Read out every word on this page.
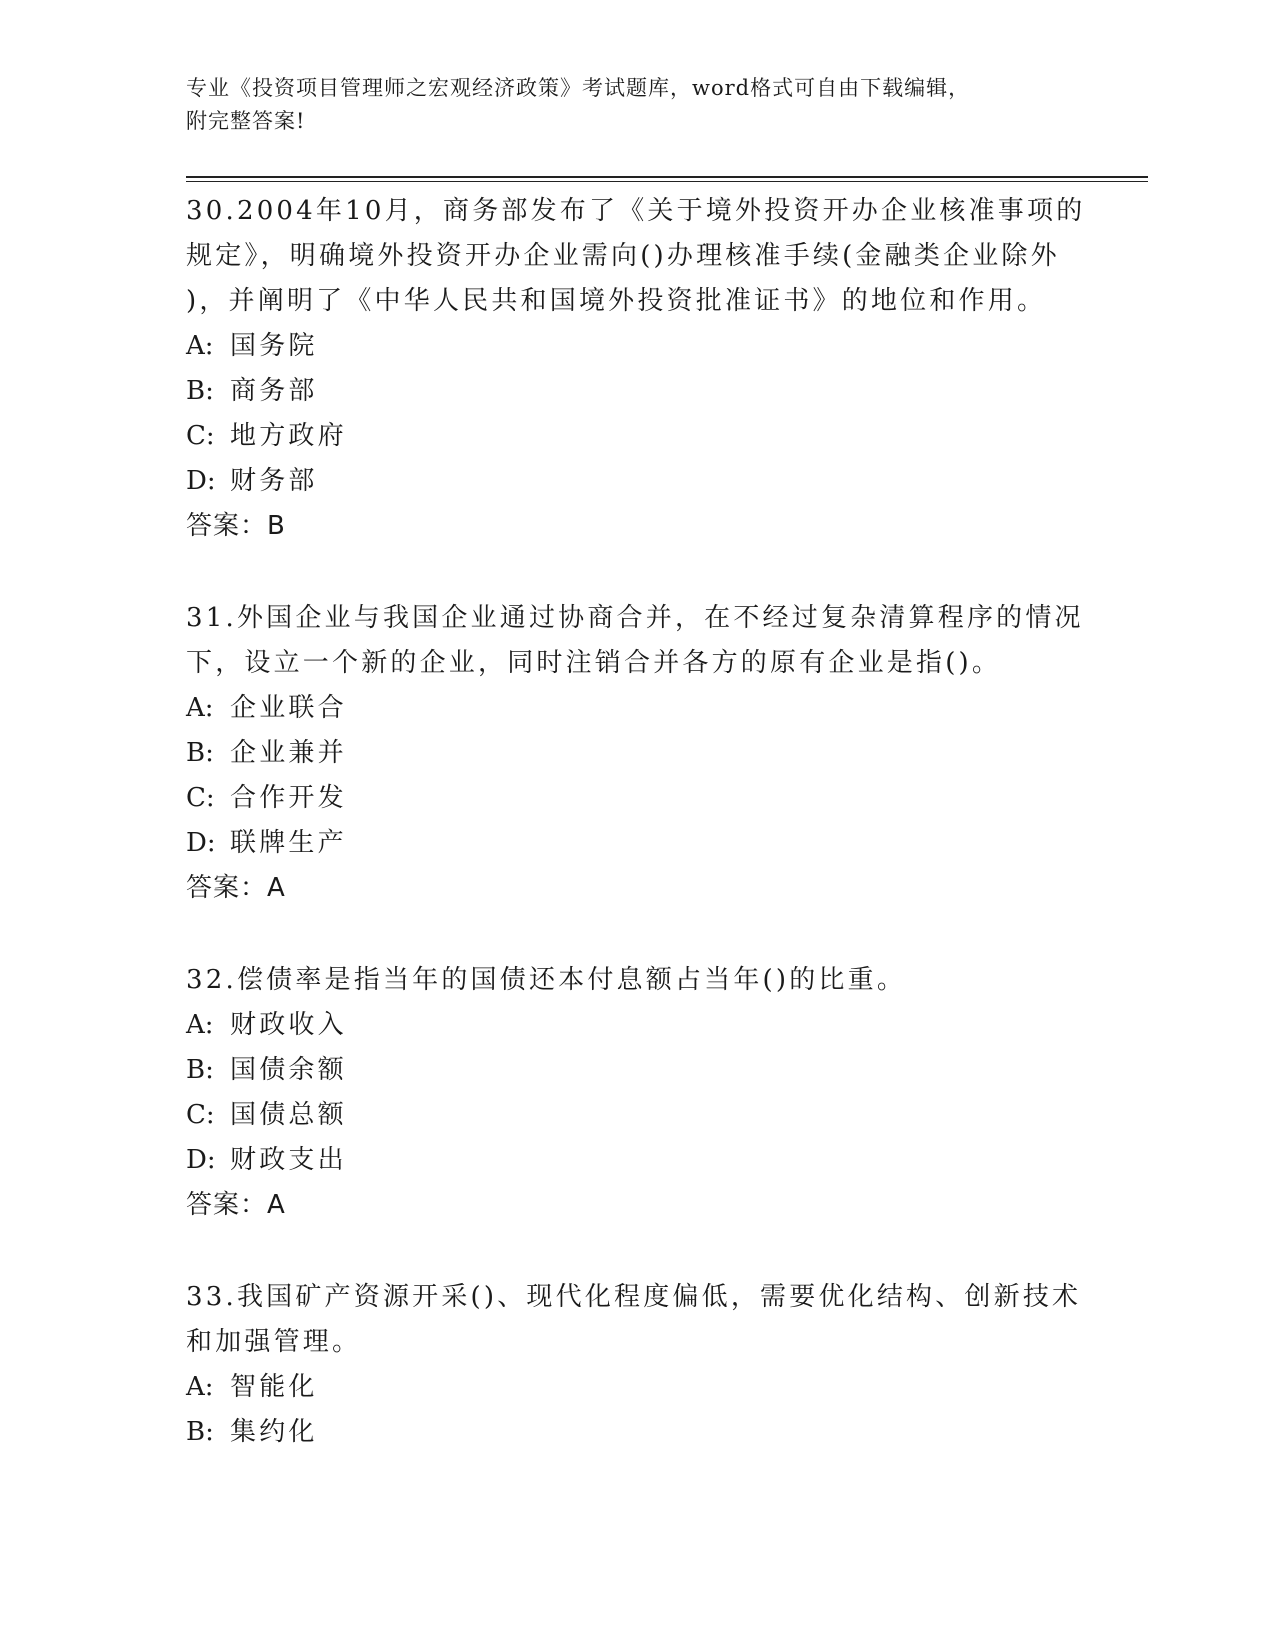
专业《投资项目管理师之宏观经济政策》考试题库，word格式可自由下载编辑，
附完整答案!
30.2004年10月，商务部发布了《关于境外投资开办企业核准事项的
规定》，明确境外投资开办企业需向()办理核准手续(金融类企业除外
)，并阐明了《中华人民共和国境外投资批准证书》的地位和作用。
A: 国务院
B: 商务部
C: 地方政府
D: 财务部
答案：B
31.外国企业与我国企业通过协商合并，在不经过复杂清算程序的情况
下，设立一个新的企业，同时注销合并各方的原有企业是指()。
A: 企业联合
B: 企业兼并
C: 合作开发
D: 联牌生产
答案：A
32.偿债率是指当年的国债还本付息额占当年()的比重。
A: 财政收入
B: 国债余额
C: 国债总额
D: 财政支出
答案：A
33.我国矿产资源开采()、现代化程度偏低，需要优化结构、创新技术
和加强管理。
A: 智能化
B: 集约化
